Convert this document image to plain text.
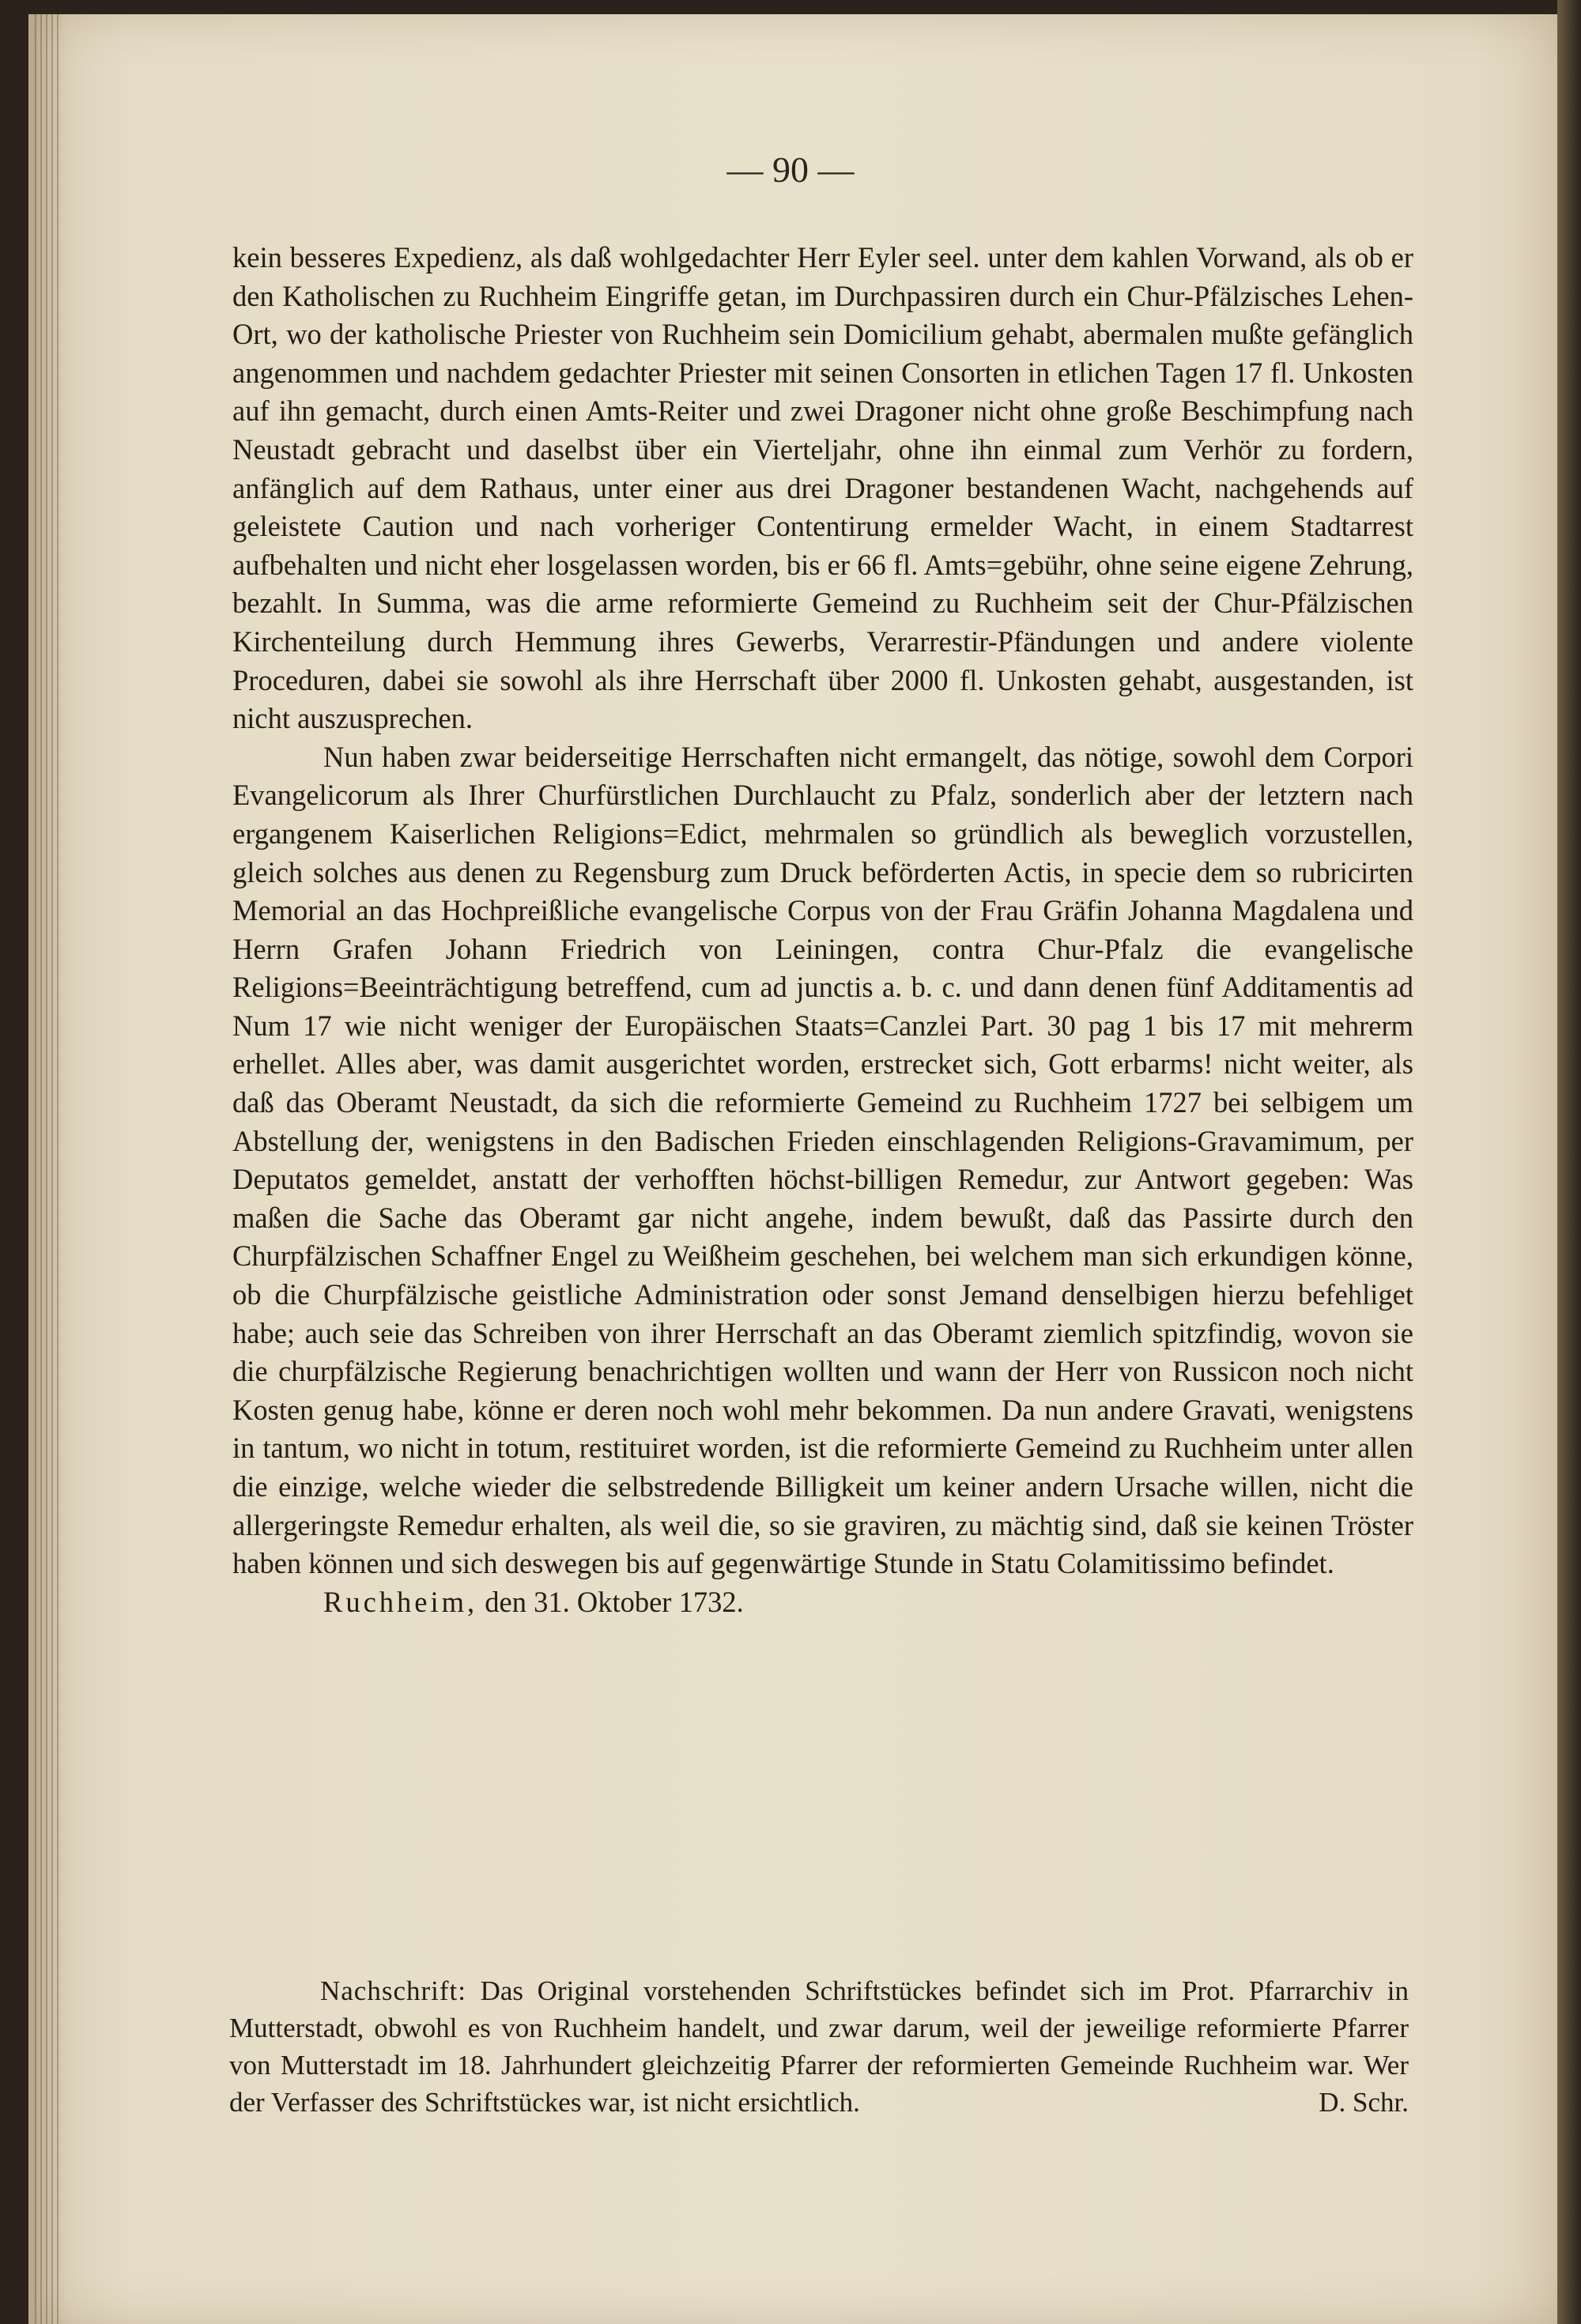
— 90 —

kein besseres Expedienz, als daß wohlgedachter Herr Eyler seel. unter dem kahlen Vorwand, als ob er den Katholischen zu Ruchheim Eingriffe getan, im Durchpassiren durch ein Chur-Pfälzisches Lehen-Ort, wo der katholische Priester von Ruchheim sein Domicilium gehabt, abermalen mußte gefänglich angenommen und nachdem gedachter Priester mit seinen Consorten in etlichen Tagen 17 fl. Unkosten auf ihn gemacht, durch einen Amts-Reiter und zwei Dragoner nicht ohne große Beschimpfung nach Neustadt gebracht und daselbst über ein Vierteljahr, ohne ihn einmal zum Verhör zu fordern, anfänglich auf dem Rathaus, unter einer aus drei Dragoner bestandenen Wacht, nachgehends auf geleistete Caution und nach vorheriger Contentirung ermelder Wacht, in einem Stadtarrest aufbehalten und nicht eher losgelassen worden, bis er 66 fl. Amts=gebühr, ohne seine eigene Zehrung, bezahlt. In Summa, was die arme reformierte Gemeind zu Ruchheim seit der Chur-Pfälzischen Kirchenteilung durch Hemmung ihres Gewerbs, Verarrestir-Pfändungen und andere violente Proceduren, dabei sie sowohl als ihre Herrschaft über 2000 fl. Unkosten gehabt, ausgestanden, ist nicht auszusprechen.

Nun haben zwar beiderseitige Herrschaften nicht ermangelt, das nötige, sowohl dem Corpori Evangelicorum als Ihrer Churfürstlichen Durchlaucht zu Pfalz, sonderlich aber der letztern nach ergangenem Kaiserlichen Religions=Edict, mehrmalen so gründlich als beweglich vorzustellen, gleich solches aus denen zu Regensburg zum Druck beförderten Actis, in specie dem so rubricirten Memorial an das Hochpreißliche evangelische Corpus von der Frau Gräfin Johanna Magdalena und Herrn Grafen Johann Friedrich von Leiningen, contra Chur-Pfalz die evangelische Religions=Beeinträchtigung betreffend, cum ad junctis a. b. c. und dann denen fünf Additamentis ad Num 17 wie nicht weniger der Europäischen Staats=Canzlei Part. 30 pag 1 bis 17 mit mehrerm erhellet. Alles aber, was damit ausgerichtet worden, erstrecket sich, Gott erbarms! nicht weiter, als daß das Oberamt Neustadt, da sich die reformierte Gemeind zu Ruchheim 1727 bei selbigem um Abstellung der, wenigstens in den Badischen Frieden einschlagenden Religions-Gravamimum, per Deputatos gemeldet, anstatt der verhofften höchst-billigen Remedur, zur Antwort gegeben: Was maßen die Sache das Oberamt gar nicht angehe, indem bewußt, daß das Passirte durch den Churpfälzischen Schaffner Engel zu Weißheim geschehen, bei welchem man sich erkundigen könne, ob die Churpfälzische geistliche Administration oder sonst Jemand denselbigen hierzu befehliget habe; auch seie das Schreiben von ihrer Herrschaft an das Oberamt ziemlich spitzfindig, wovon sie die churpfälzische Regierung benachrichtigen wollten und wann der Herr von Russicon noch nicht Kosten genug habe, könne er deren noch wohl mehr bekommen. Da nun andere Gravati, wenigstens in tantum, wo nicht in totum, restituiret worden, ist die reformierte Gemeind zu Ruchheim unter allen die einzige, welche wieder die selbstredende Billigkeit um keiner andern Ursache willen, nicht die allergeringste Remedur erhalten, als weil die, so sie graviren, zu mächtig sind, daß sie keinen Tröster haben können und sich deswegen bis auf gegenwärtige Stunde in Statu Colamitissimo befindet.

Ruchheim, den 31. Oktober 1732.

Nachschrift: Das Original vorstehenden Schriftstückes befindet sich im Prot. Pfarrarchiv in Mutterstadt, obwohl es von Ruchheim handelt, und zwar darum, weil der jeweilige reformierte Pfarrer von Mutterstadt im 18. Jahrhundert gleichzeitig Pfarrer der reformierten Gemeinde Ruchheim war. Wer der Verfasser des Schriftstückes war, ist nicht ersichtlich.	D. Schr.
